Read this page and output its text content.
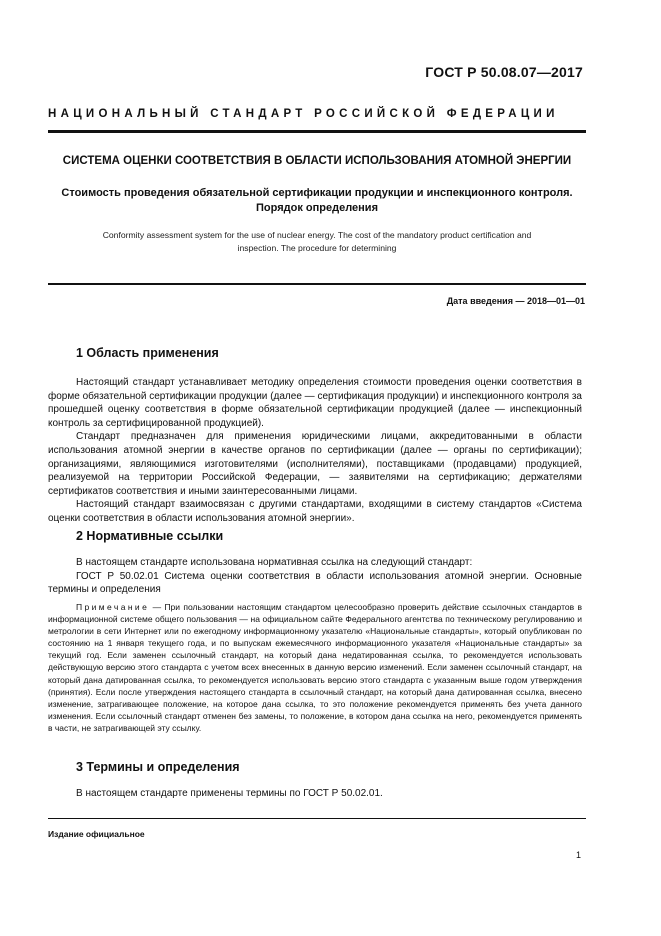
ГОСТ Р 50.08.07—2017
НАЦИОНАЛЬНЫЙ СТАНДАРТ РОССИЙСКОЙ ФЕДЕРАЦИИ
СИСТЕМА ОЦЕНКИ СООТВЕТСТВИЯ В ОБЛАСТИ ИСПОЛЬЗОВАНИЯ АТОМНОЙ ЭНЕРГИИ
Стоимость проведения обязательной сертификации продукции и инспекционного контроля.
Порядок определения
Conformity assessment system for the use of nuclear energy. The cost of the mandatory product certification and
inspection. The procedure for determining
Дата введения — 2018—01—01
1 Область применения

Настоящий стандарт устанавливает методику определения стоимости проведения оценки соответствия в форме обязательной сертификации продукции (далее — сертификация продукции) и инспекционного контроля за прошедшей оценку соответствия в форме обязательной сертификации продукцией (далее — инспекционный контроль за сертифицированной продукцией).

Стандарт предназначен для применения юридическими лицами, аккредитованными в области использования атомной энергии в качестве органов по сертификации (далее — органы по сертификации); организациями, являющимися изготовителями (исполнителями), поставщиками (продавцами) продукцией, реализуемой на территории Российской Федерации, — заявителями на сертификацию; держателями сертификатов соответствия и иными заинтересованными лицами.

Настоящий стандарт взаимосвязан с другими стандартами, входящими в систему стандартов «Система оценки соответствия в области использования атомной энергии».

2 Нормативные ссылки

В настоящем стандарте использована нормативная ссылка на следующий стандарт:

ГОСТ Р 50.02.01 Система оценки соответствия в области использования атомной энергии. Основные термины и определения

Примечание — При пользовании настоящим стандартом целесообразно проверить действие ссылочных стандартов в информационной системе общего пользования — на официальном сайте Федерального агентства по техническому регулированию и метрологии в сети Интернет или по ежегодному информационному указателю «Национальные стандарты», который опубликован по состоянию на 1 января текущего года, и по выпускам ежемесячного информационного указателя «Национальные стандарты» за текущий год. Если заменен ссылочный стандарт, на который дана недатированная ссылка, то рекомендуется использовать действующую версию этого стандарта с учетом всех внесенных в данную версию изменений. Если заменен ссылочный стандарт, на который дана датированная ссылка, то рекомендуется использовать версию этого стандарта с указанным выше годом утверждения (принятия). Если после утверждения настоящего стандарта в ссылочный стандарт, на который дана датированная ссылка, внесено изменение, затрагивающее положение, на которое дана ссылка, то это положение рекомендуется применять без учета данного изменения. Если ссылочный стандарт отменен без замены, то положение, в котором дана ссылка на него, рекомендуется применять в части, не затрагивающей эту ссылку.

3 Термины и определения

В настоящем стандарте применены термины по ГОСТ Р 50.02.01.

Издание официальное
1
